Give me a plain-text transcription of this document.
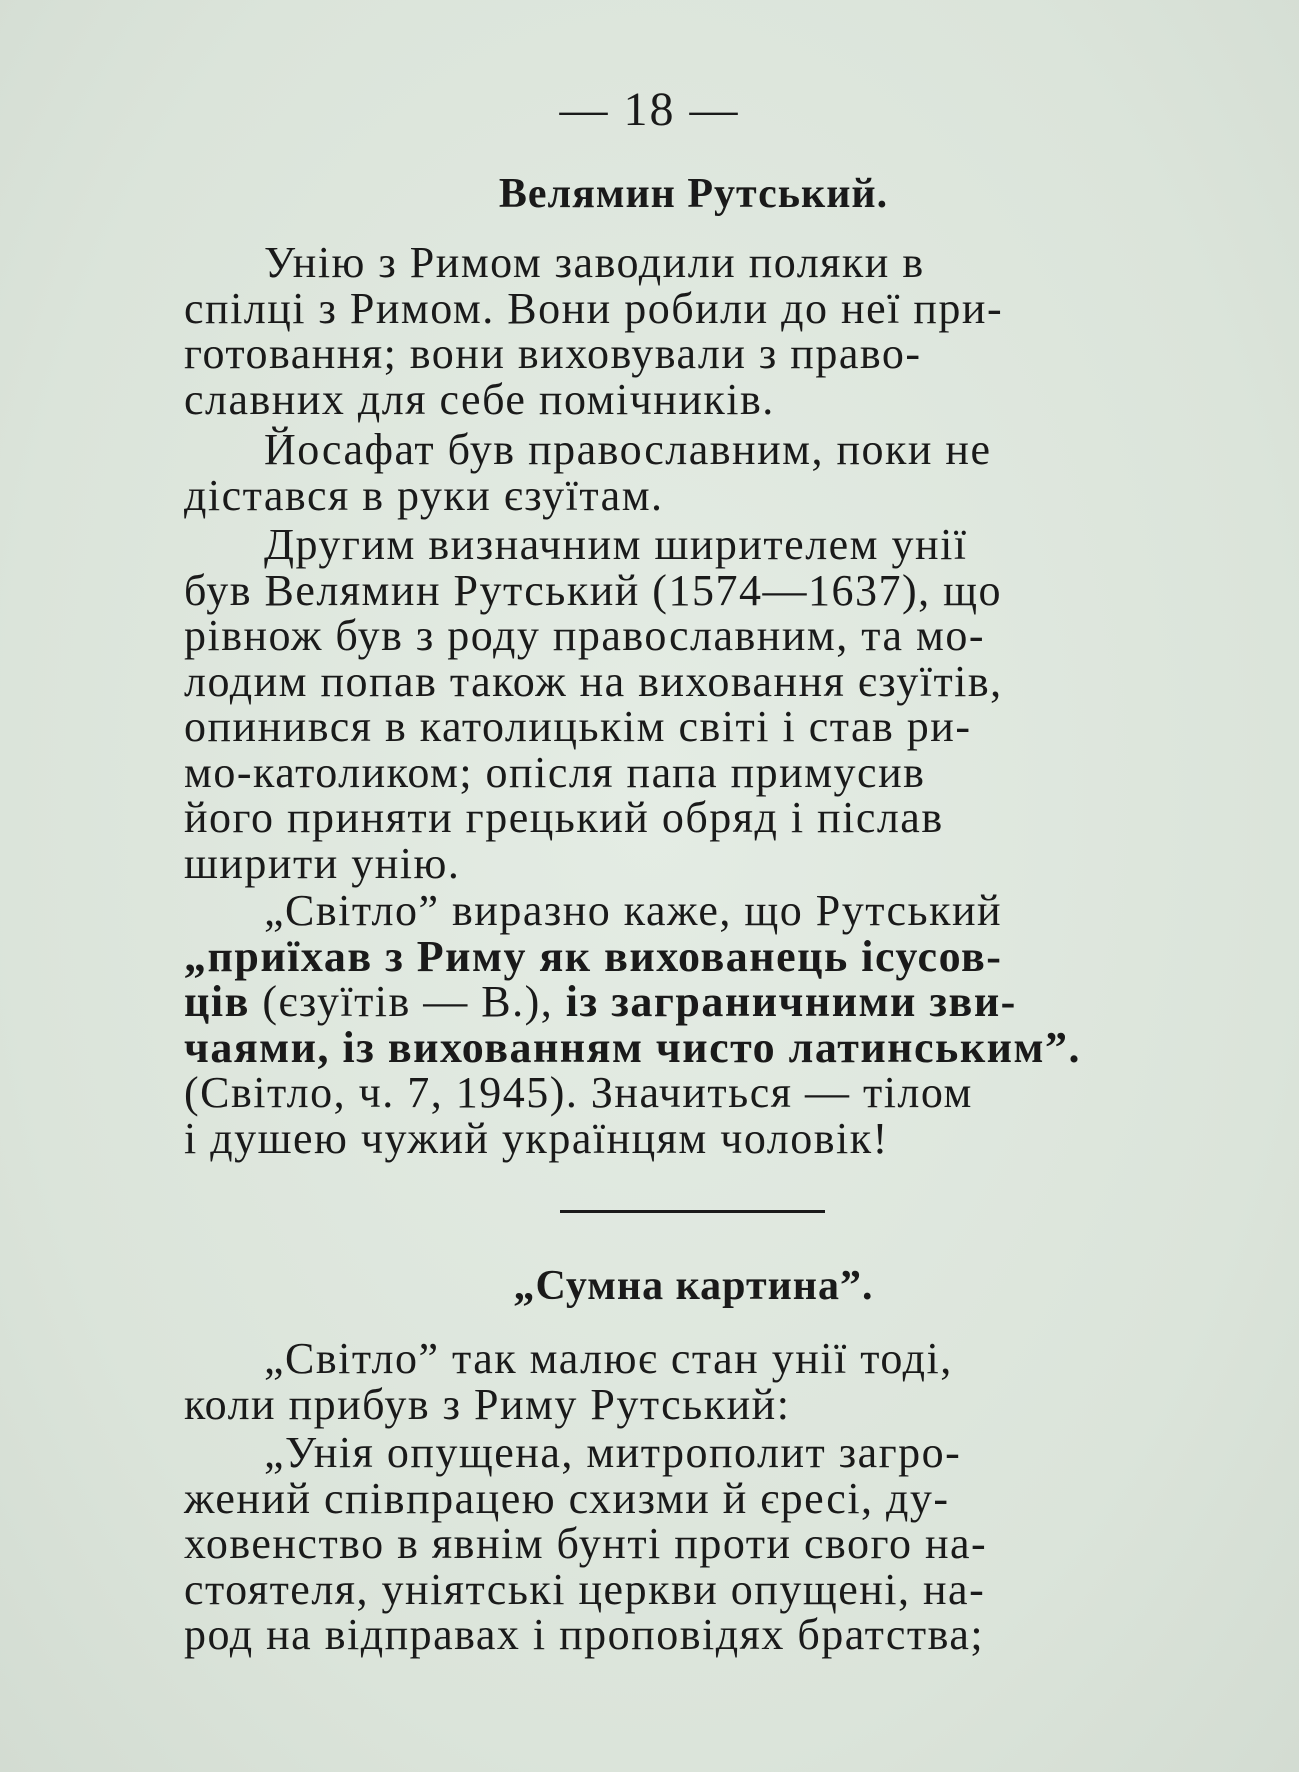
— 18 —
Велямин Рутський.
Унію з Римом заводили поляки в
спілці з Римом. Вони робили до неї при-
готовання; вони виховували з право-
славних для себе помічників.
Йосафат був православним, поки не
дістався в руки єзуїтам.
Другим визначним ширителем унії
був Велямин Рутський (1574—1637), що
рівнож був з роду православним, та мо-
лодим попав також на виховання єзуїтів,
опинився в католицькім світі і став ри-
мо-католиком; опісля папа примусив
його приняти грецький обряд і післав
ширити унію.
„Світло” виразно каже, що Рутський
„приїхав з Риму як вихованець ісусов-
ців (єзуїтів — В.), із заграничними зви-
чаями, із вихованням чисто латинським”.
(Світло, ч. 7, 1945). Значиться — тілом
і душею чужий українцям чоловік!
„Сумна картина”.
„Світло” так малює стан унії тоді,
коли прибув з Риму Рутський:
„Унія опущена, митрополит загро-
жений співпрацею схизми й єресі, ду-
ховенство в явнім бунті проти свого на-
стоятеля, уніятські церкви опущені, на-
род на відправах і проповідях братства;
